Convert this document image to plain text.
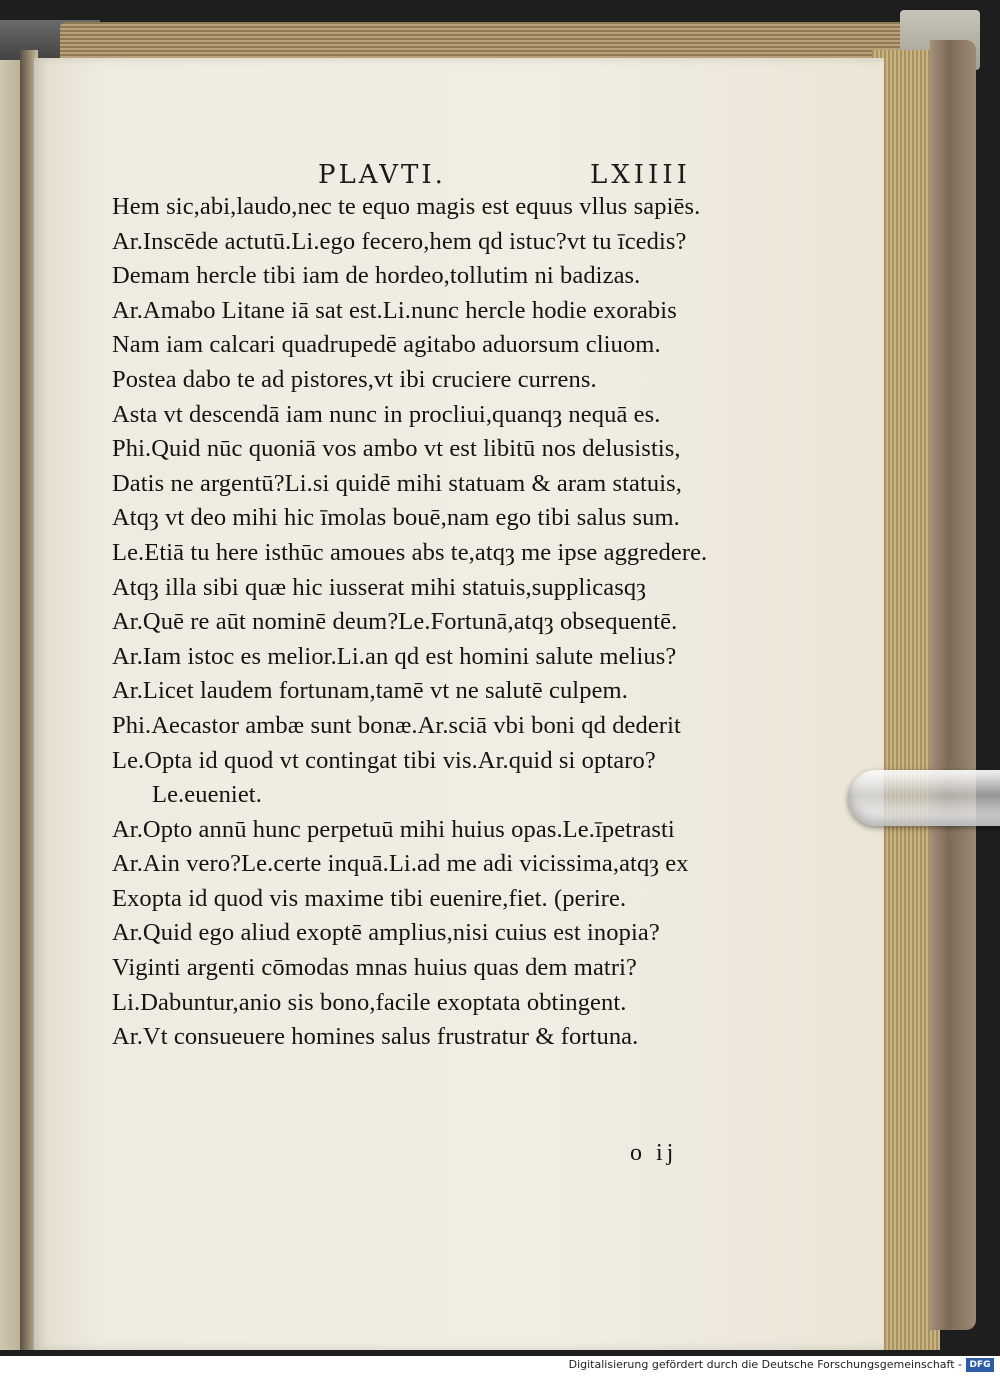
PLAVTI.	LXIIII
Hem sic,abi,laudo,nec te equo magis est equus vllus sapiēs.
Ar.Inscēde actutū.Li.ego fecero,hem qd istuc?vt tu īcedis?
Demam hercle tibi iam de hordeo,tollutim ni badizas.
Ar.Amabo Litane iā sat est.Li.nunc hercle hodie exorabis
Nam iam calcari quadrupedē agitabo aduorsum cliuom.
Postea dabo te ad pistores,vt ibi cruciere currens.
Asta vt descendā iam nunc in procliui,quanqȝ nequā es.
Phi.Quid nūc quoniā vos ambo vt est libitū nos delusistis,
Datis ne argentū?Li.si quidē mihi statuam & aram statuis,
Atqȝ vt deo mihi hic īmolas bouē,nam ego tibi salus sum.
Le.Etiā tu here isthūc amoues abs te,atqȝ me ipse aggredere.
Atqȝ illa sibi quæ hic iusserat mihi statuis,supplicasqȝ
Ar.Quē re aūt nominē deum?Le.Fortunā,atqȝ obsequentē.
Ar.Iam istoc es melior.Li.an qd est homini salute melius?
Ar.Licet laudem fortunam,tamē vt ne salutē culpem.
Phi.Aecastor ambæ sunt bonæ.Ar.sciā vbi boni qd dederit
Le.Opta id quod vt contingat tibi vis.Ar.quid si optaro?
Le.eueniet.
Ar.Opto annū hunc perpetuū mihi huius opas.Le.īpetrasti
Ar.Ain vero?Le.certe inquā.Li.ad me adi vicissima,atqȝ ex
Exopta id quod vis maxime tibi euenire,fiet. (perire.
Ar.Quid ego aliud exoptē amplius,nisi cuius est inopia?
Viginti argenti cōmodas mnas huius quas dem matri?
Li.Dabuntur,anio sis bono,facile exoptata obtingent.
Ar.Vt consueuere homines salus frustratur & fortuna.
o ij
Digitalisierung gefördert durch die Deutsche Forschungsgemeinschaft - DFG
